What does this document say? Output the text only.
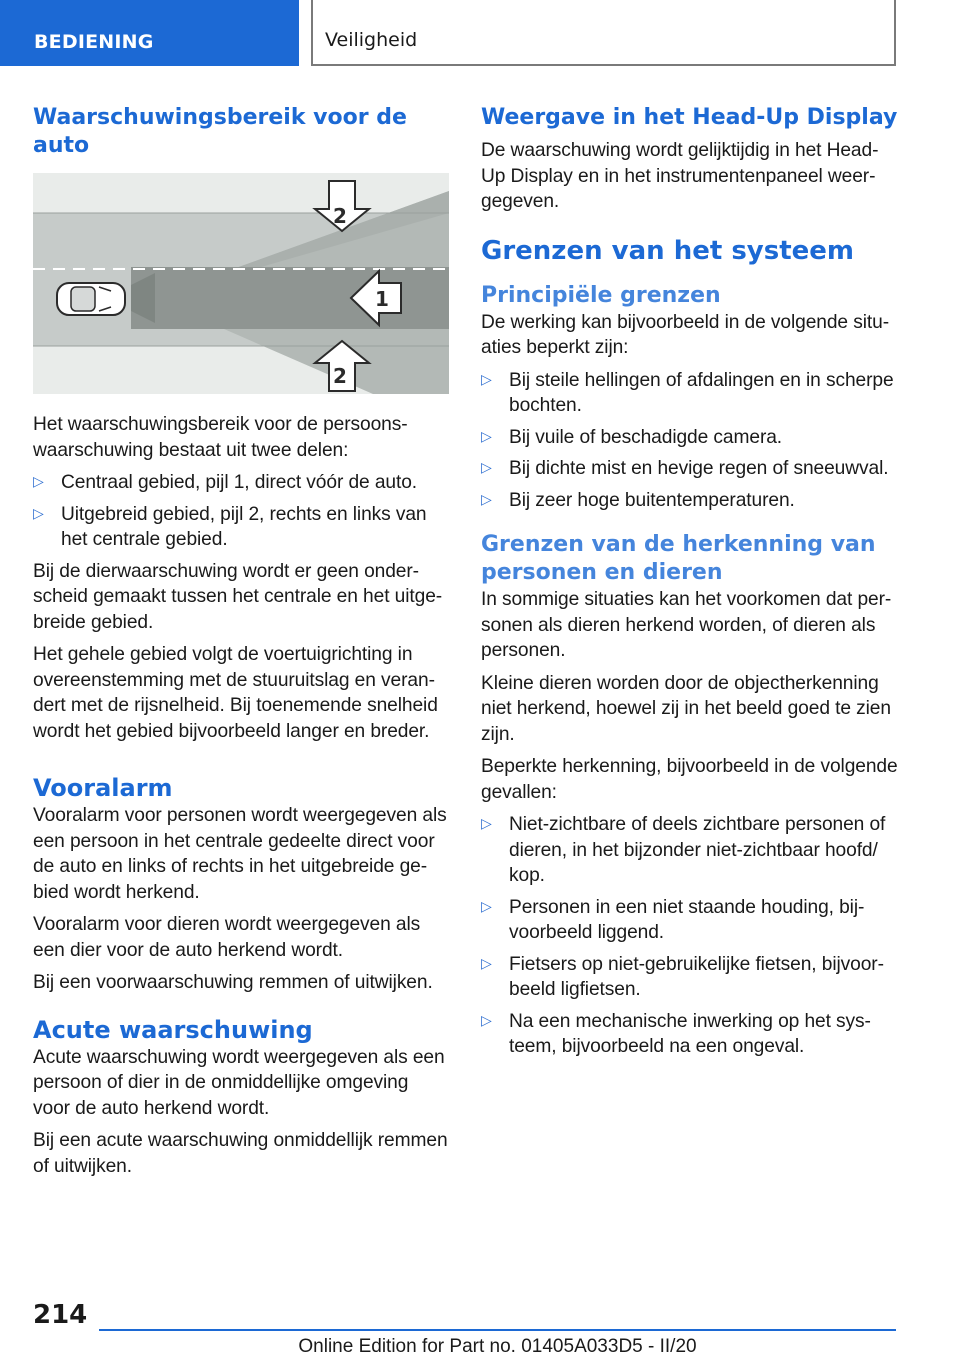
BEDIENING	Veiligheid
Waarschuwingsbereik voor de auto
1
2
2

Het waarschuwingsbereik voor de persoonswaarschuwing bestaat uit twee delen:

▷ Centraal gebied, pijl 1, direct vóór de auto.
▷ Uitgebreid gebied, pijl 2, rechts en links van het centrale gebied.

Bij de dierwaarschuwing wordt er geen onderscheid gemaakt tussen het centrale en het uitgebreide gebied.

Het gehele gebied volgt de voertuigrichting in overeenstemming met de stuuruitslag en verandert met de rijsnelheid. Bij toenemende snelheid wordt het gebied bijvoorbeeld langer en breder.

Vooralarm

Vooralarm voor personen wordt weergegeven als een persoon in het centrale gedeelte direct voor de auto en links of rechts in het uitgebreide gebied wordt herkend.

Vooralarm voor dieren wordt weergegeven als een dier voor de auto herkend wordt.

Bij een voorwaarschuwing remmen of uitwijken.

Acute waarschuwing

Acute waarschuwing wordt weergegeven als een persoon of dier in de onmiddellijke omgeving voor de auto herkend wordt.

Bij een acute waarschuwing onmiddellijk remmen of uitwijken.

Weergave in het Head-Up Display

De waarschuwing wordt gelijktijdig in het Head-Up Display en in het instrumentenpaneel weergegeven.

Grenzen van het systeem
Principiële grenzen

De werking kan bijvoorbeeld in de volgende situaties beperkt zijn:

▷ Bij steile hellingen of afdalingen en in scherpe bochten.
▷ Bij vuile of beschadigde camera.
▷ Bij dichte mist en hevige regen of sneeuwval.
▷ Bij zeer hoge buitentemperaturen.
Grenzen van de herkenning van personen en dieren

In sommige situaties kan het voorkomen dat personen als dieren herkend worden, of dieren als personen.

Kleine dieren worden door de objectherkenning niet herkend, hoewel zij in het beeld goed te zien zijn.

Beperkte herkenning, bijvoorbeeld in de volgende gevallen:

▷ Niet-zichtbare of deels zichtbare personen of dieren, in het bijzonder niet-zichtbaar hoofd/ kop.
▷ Personen in een niet staande houding, bijvoorbeeld liggend.
▷ Fietsers op niet-gebruikelijke fietsen, bijvoorbeeld ligfietsen.
▷ Na een mechanische inwerking op het systeem, bijvoorbeeld na een ongeval.
214
Online Edition for Part no. 01405A033D5 - II/20
